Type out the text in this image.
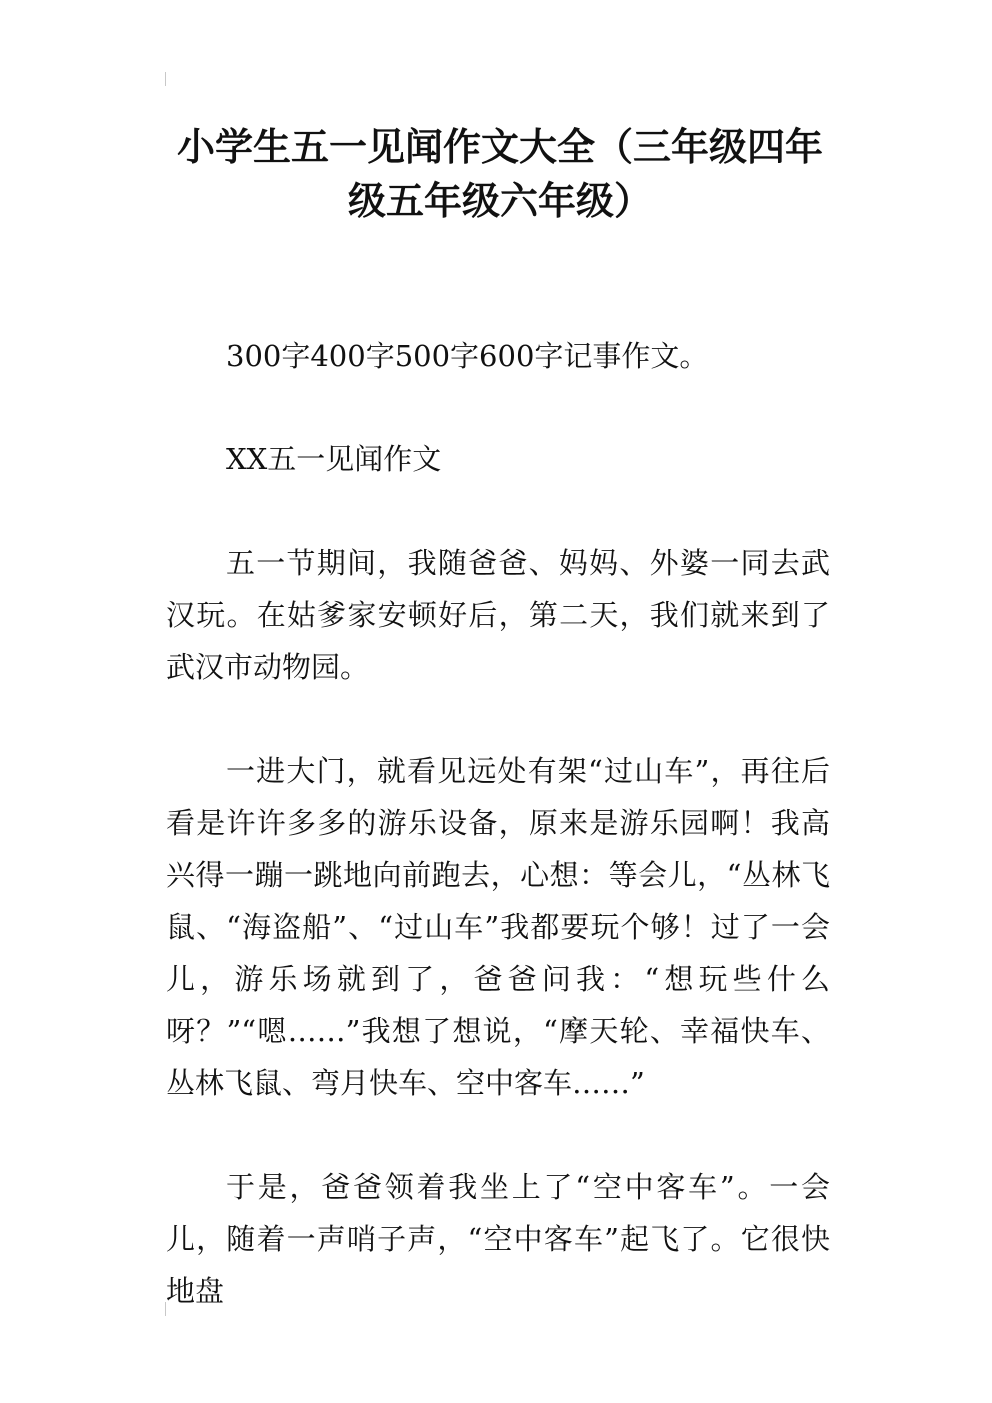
小学生五一见闻作文大全（三年级四年级五年级六年级）

300字400字500字600字记事作文。

XX五一见闻作文

五一节期间，我随爸爸、妈妈、外婆一同去武汉玩。在姑爹家安顿好后，第二天，我们就来到了武汉市动物园。

一进大门，就看见远处有架“过山车”，再往后看是许许多多的游乐设备，原来是游乐园啊！我高兴得一蹦一跳地向前跑去，心想：等会儿，“丛林飞鼠、“海盗船”、“过山车”我都要玩个够！过了一会儿，游乐场就到了，爸爸问我：“想玩些什么呀？”“嗯……”我想了想说，“摩天轮、幸福快车、丛林飞鼠、弯月快车、空中客车……”

于是，爸爸领着我坐上了“空中客车”。一会儿，随着一声哨子声，“空中客车”起飞了。它很快地盘
